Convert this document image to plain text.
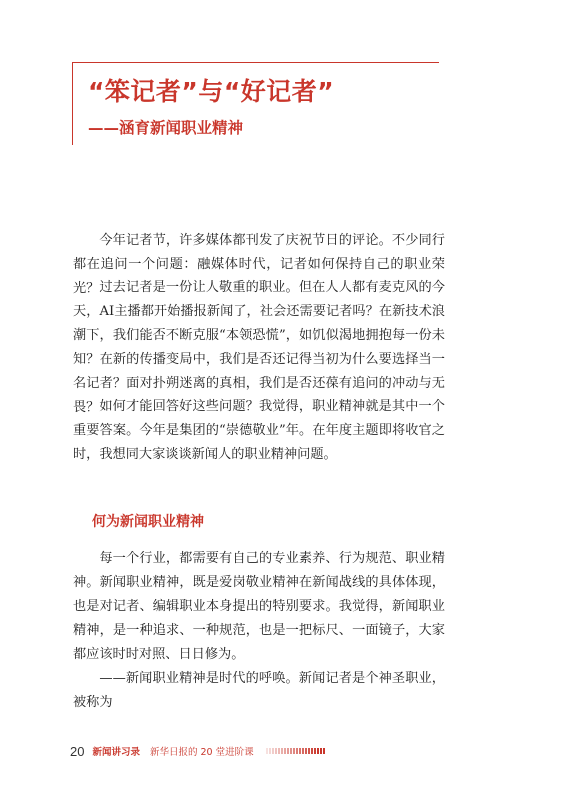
“笨记者”与“好记者”
——涵育新闻职业精神

今年记者节，许多媒体都刊发了庆祝节日的评论。不少同行都在追问一个问题：融媒体时代，记者如何保持自己的职业荣光？ 过去记者是一份让人敬重的职业。但在人人都有麦克风的今天，AI主播都开始播报新闻了，社会还需要记者吗？在新技术浪潮下，我们能否不断克服“本领恐慌”，如饥似渴地拥抱每一份未知？在新的传播变局中，我们是否还记得当初为什么要选择当一名记者？面对扑朔迷离的真相，我们是否还葆有追问的冲动与无畏？ 如何才能回答好这些问题？我觉得，职业精神就是其中一个重要答案。今年是集团的“崇德敬业”年。在年度主题即将收官之时，我想同大家谈谈新闻人的职业精神问题。

何为新闻职业精神

每一个行业，都需要有自己的专业素养、行为规范、职业精神。新闻职业精神，既是爱岗敬业精神在新闻战线的具体体现，也是对记者、编辑职业本身提出的特别要求。我觉得，新闻职业精神，是一种追求、一种规范，也是一把标尺、一面镜子，大家都应该时时对照、日日修为。

——新闻职业精神是时代的呼唤。新闻记者是个神圣职业，被称为

20 新闻讲习录 新华日报的 20 堂进阶课
